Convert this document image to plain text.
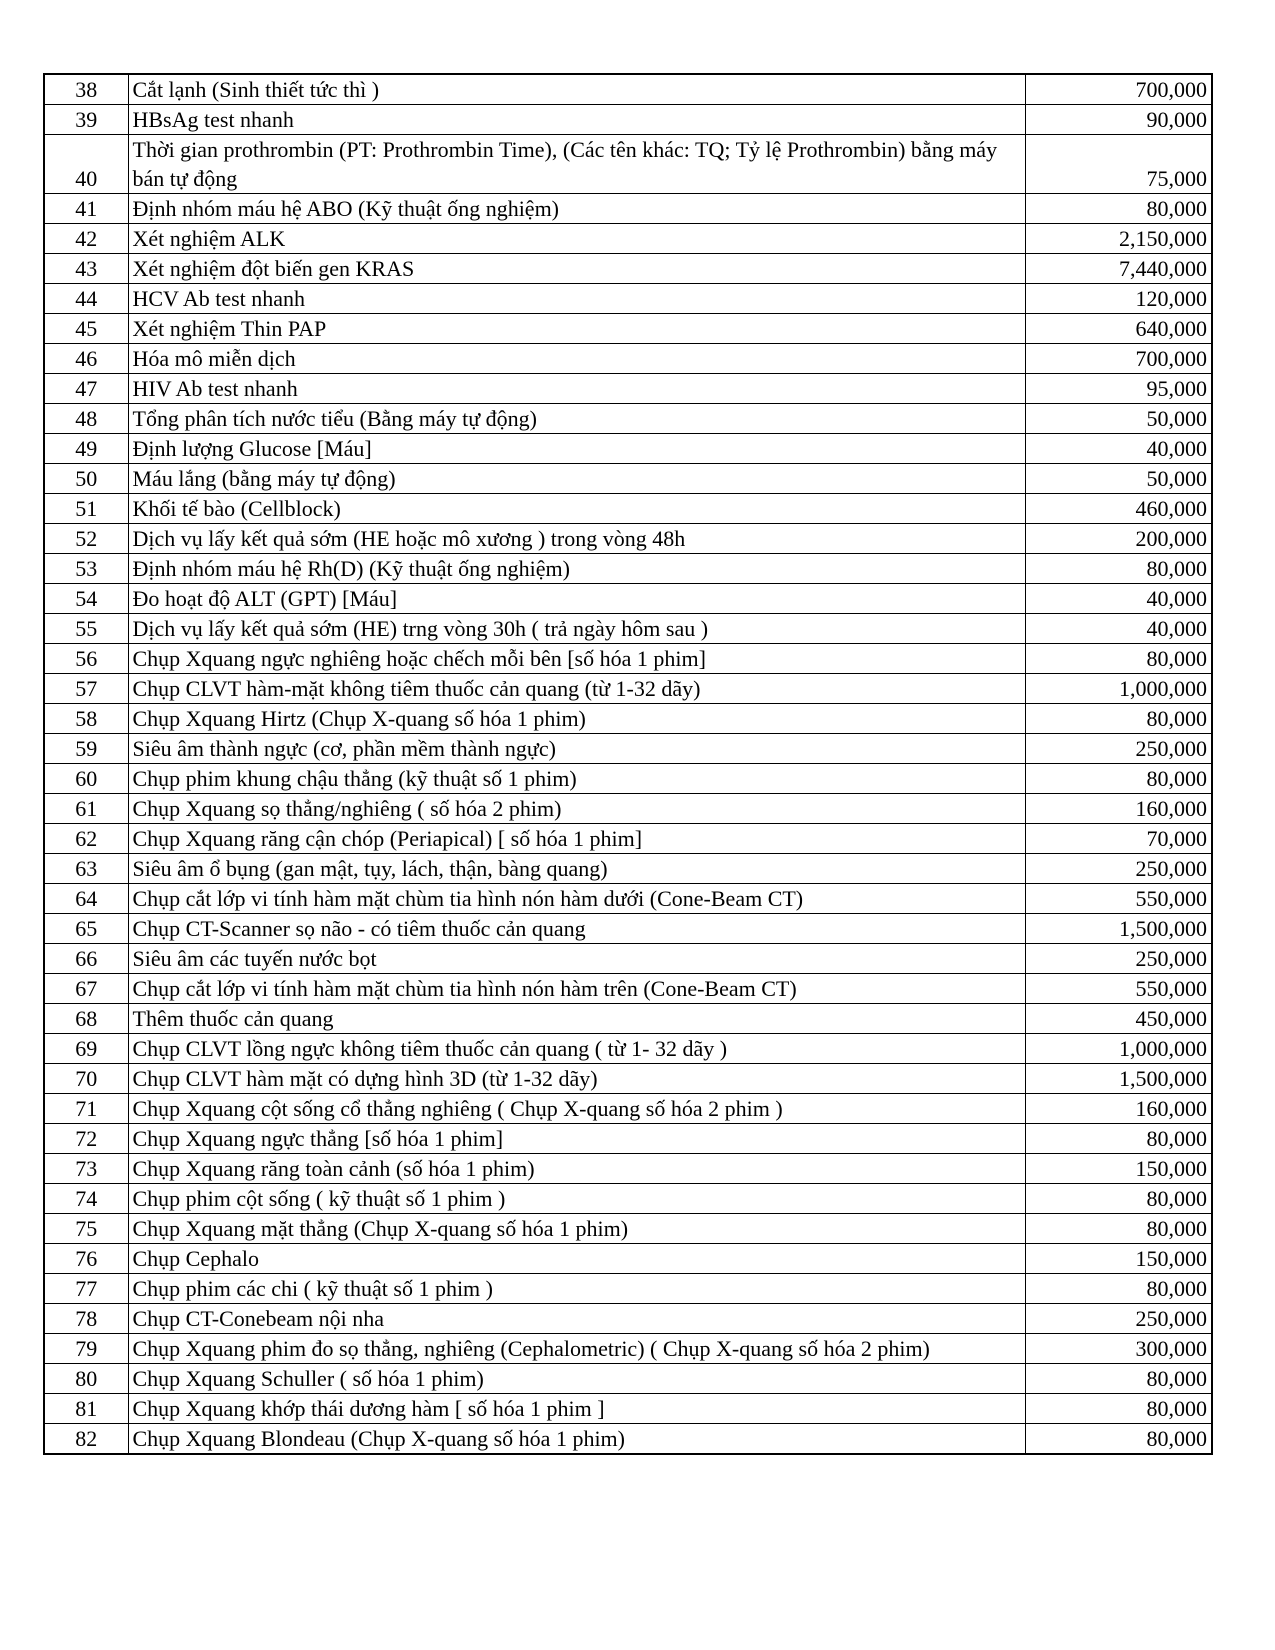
38	Cắt lạnh (Sinh thiết tức thì )	700,000
39	HBsAg test nhanh	90,000
40	Thời gian prothrombin (PT: Prothrombin Time), (Các tên khác: TQ; Tỷ lệ Prothrombin) bằng máy bán tự động	75,000
41	Định nhóm máu hệ ABO (Kỹ thuật ống nghiệm)	80,000
42	Xét nghiệm ALK	2,150,000
43	Xét nghiệm đột biến gen KRAS	7,440,000
44	HCV Ab test nhanh	120,000
45	Xét nghiệm Thin PAP	640,000
46	Hóa mô miễn dịch	700,000
47	HIV Ab test nhanh	95,000
48	Tổng phân tích nước tiểu (Bằng máy tự động)	50,000
49	Định lượng Glucose [Máu]	40,000
50	Máu lắng (bằng máy tự động)	50,000
51	Khối tế bào (Cellblock)	460,000
52	Dịch vụ lấy kết quả sớm (HE hoặc mô xương ) trong vòng 48h	200,000
53	Định nhóm máu hệ Rh(D) (Kỹ thuật ống nghiệm)	80,000
54	Đo hoạt độ ALT (GPT) [Máu]	40,000
55	Dịch vụ lấy kết quả sớm (HE) trng vòng 30h ( trả ngày hôm sau )	40,000
56	Chụp Xquang ngực nghiêng hoặc chếch mỗi bên [số hóa 1 phim]	80,000
57	Chụp CLVT hàm-mặt không tiêm thuốc cản quang (từ 1-32 dãy)	1,000,000
58	Chụp Xquang Hirtz (Chụp X-quang số hóa 1 phim)	80,000
59	Siêu âm thành ngực (cơ, phần mềm thành ngực)	250,000
60	Chụp phim khung chậu thẳng (kỹ thuật số 1 phim)	80,000
61	Chụp Xquang sọ thẳng/nghiêng ( số hóa 2 phim)	160,000
62	Chụp Xquang răng cận chóp (Periapical) [ số hóa 1 phim]	70,000
63	Siêu âm ổ bụng (gan mật, tụy, lách, thận, bàng quang)	250,000
64	Chụp cắt lớp vi tính hàm mặt chùm tia hình nón hàm dưới (Cone-Beam CT)	550,000
65	Chụp CT-Scanner sọ não - có tiêm thuốc cản quang	1,500,000
66	Siêu âm các tuyến nước bọt	250,000
67	Chụp cắt lớp vi tính hàm mặt chùm tia hình nón hàm trên (Cone-Beam CT)	550,000
68	Thêm thuốc cản quang	450,000
69	Chụp CLVT lồng ngực không tiêm thuốc cản quang ( từ 1- 32 dãy )	1,000,000
70	Chụp CLVT hàm mặt có dựng hình 3D (từ 1-32 dãy)	1,500,000
71	Chụp Xquang cột sống cổ thẳng nghiêng ( Chụp X-quang số hóa 2 phim )	160,000
72	Chụp Xquang ngực thẳng [số hóa 1 phim]	80,000
73	Chụp Xquang răng toàn cảnh (số hóa 1 phim)	150,000
74	Chụp phim cột sống ( kỹ thuật số 1 phim )	80,000
75	Chụp Xquang mặt thẳng (Chụp X-quang số hóa 1 phim)	80,000
76	Chụp Cephalo	150,000
77	Chụp phim các chi ( kỹ thuật số 1 phim )	80,000
78	Chụp CT-Conebeam nội nha	250,000
79	Chụp Xquang phim đo sọ thẳng, nghiêng (Cephalometric) ( Chụp X-quang số hóa 2 phim)	300,000
80	Chụp Xquang Schuller ( số hóa 1 phim)	80,000
81	Chụp Xquang khớp thái dương hàm [ số hóa 1 phim ]	80,000
82	Chụp Xquang Blondeau (Chụp X-quang số hóa 1 phim)	80,000
